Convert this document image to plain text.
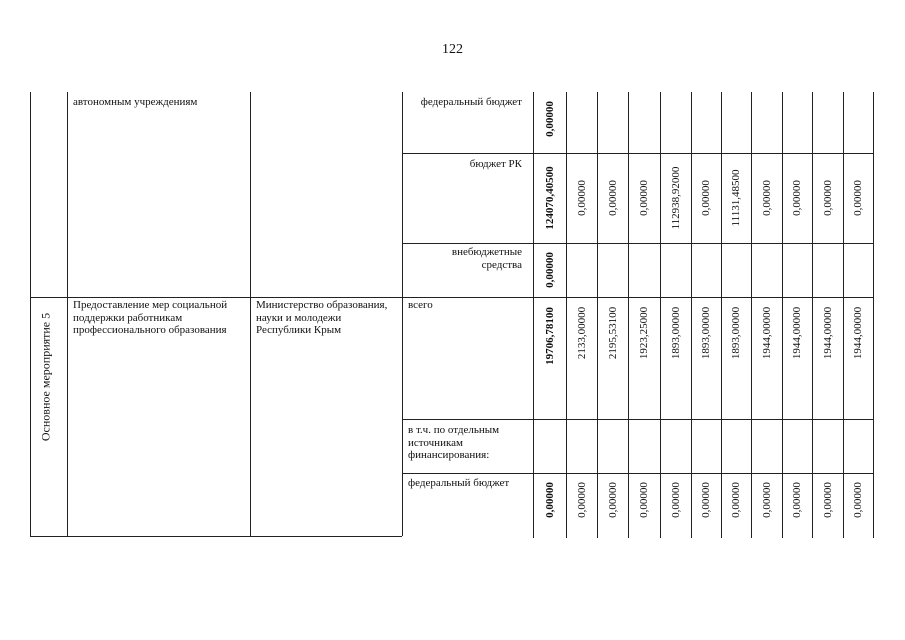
122
автономным учреждениям
Основное мероприятие 5
Предоставление мер социальной поддержки работникам профессионального образования
Министерство образования, науки и молодежи Республики Крым
федеральный бюджет
бюджет РК
внебюджетные средства
всего
в т.ч. по отдельным источникам финансирования:
федеральный бюджет
0,00000
124070,40500 0,00000 0,00000 0,00000 112938,92000 0,00000 11131,48500 0,00000 0,00000 0,00000 0,00000
0,00000
19706,78100 2133,00000 2195,53100 1923,25000 1893,00000 1893,00000 1893,00000 1944,00000 1944,00000 1944,00000 1944,00000
0,00000 0,00000 0,00000 0,00000 0,00000 0,00000 0,00000 0,00000 0,00000 0,00000 0,00000
